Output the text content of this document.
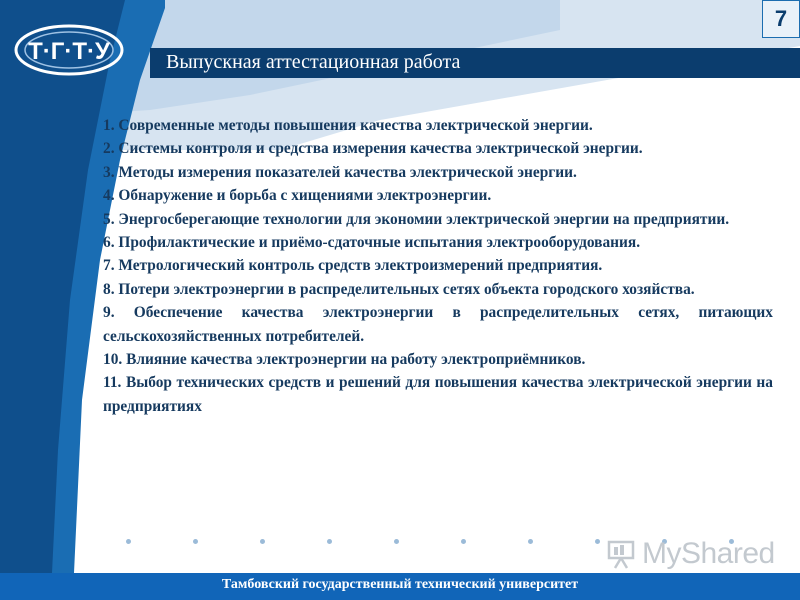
Т·Г·Т·У	Выпускная аттестационная работа
7
1. Современные методы повышения качества электрической энергии.
2. Системы контроля и средства измерения качества электрической энергии.
3. Методы измерения показателей качества электрической энергии.
4. Обнаружение и борьба с хищениями электроэнергии.
5. Энергосберегающие технологии для экономии электрической энергии на предприятии.
6. Профилактические и приёмо-сдаточные испытания электрооборудования.
7. Метрологический контроль средств электроизмерений предприятия.
8. Потери электроэнергии в распределительных сетях объекта городского хозяйства.
9. Обеспечение качества электроэнергии в распределительных сетях, питающих сельскохозяйственных потребителей.
10. Влияние качества электроэнергии на работу электроприёмников.
11. Выбор технических средств и решений для повышения качества электрической энергии на предприятиях
MyShared
Тамбовский государственный технический университет
